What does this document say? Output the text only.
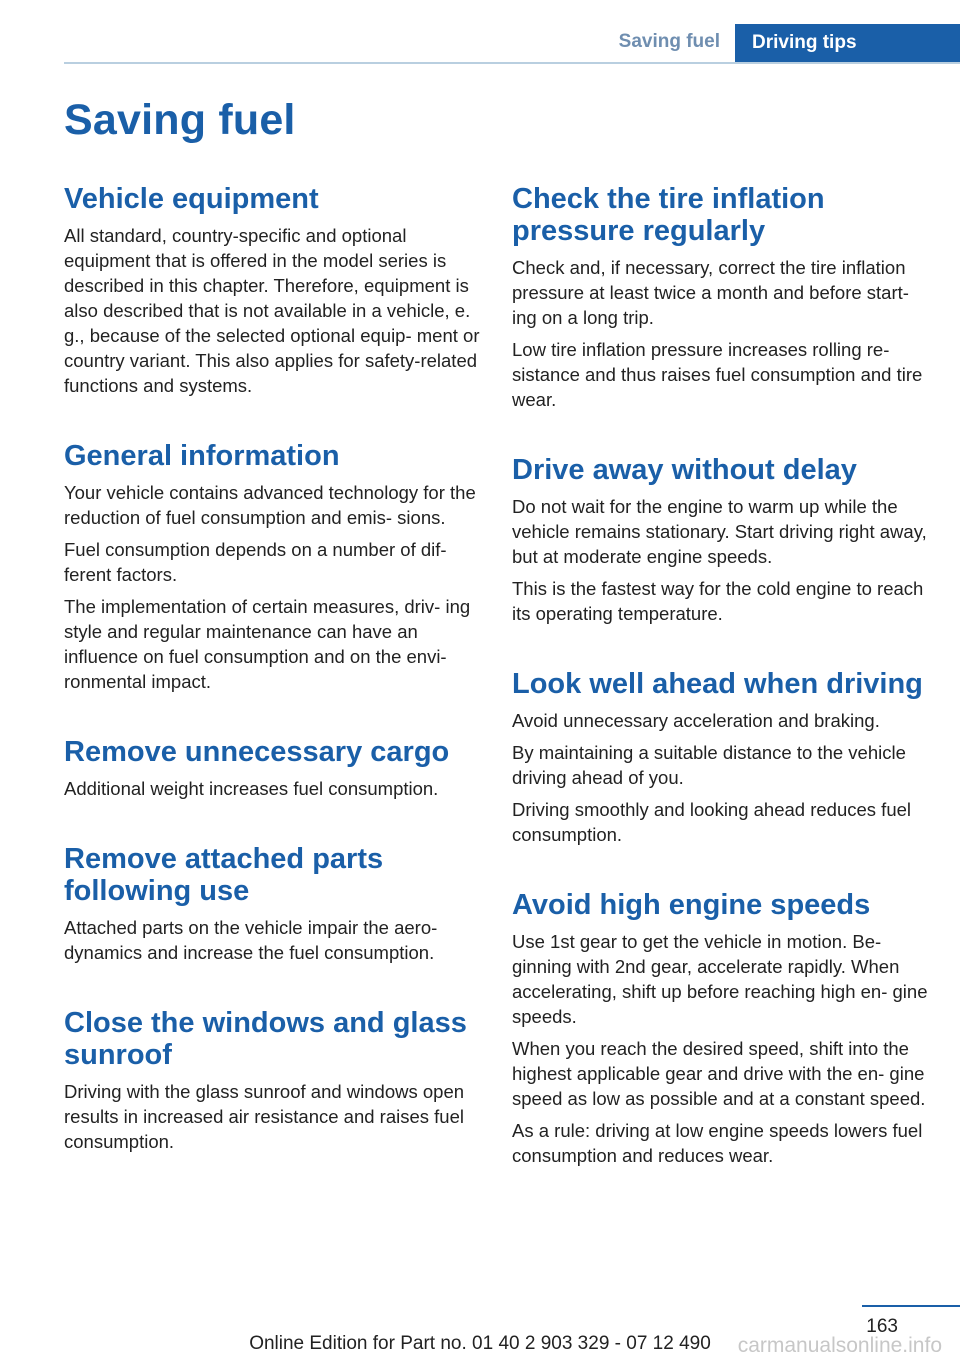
Saving fuel	Driving tips
Saving fuel
Vehicle equipment

All standard, country-specific and optional equipment that is offered in the model series is described in this chapter. Therefore, equipment is also described that is not available in a vehicle, e. g., because of the selected optional equip‐ ment or country variant. This also applies for safety-related functions and systems.

General information

Your vehicle contains advanced technology for the reduction of fuel consumption and emis‐ sions.

Fuel consumption depends on a number of dif‐ ferent factors.

The implementation of certain measures, driv‐ ing style and regular maintenance can have an influence on fuel consumption and on the envi‐ ronmental impact.

Remove unnecessary cargo

Additional weight increases fuel consumption.

Remove attached parts following use

Attached parts on the vehicle impair the aero‐ dynamics and increase the fuel consumption.

Close the windows and glass sunroof

Driving with the glass sunroof and windows open results in increased air resistance and raises fuel consumption.

Check the tire inflation pressure regularly

Check and, if necessary, correct the tire inflation pressure at least twice a month and before start‐ ing on a long trip.

Low tire inflation pressure increases rolling re‐ sistance and thus raises fuel consumption and tire wear.

Drive away without delay

Do not wait for the engine to warm up while the vehicle remains stationary. Start driving right away, but at moderate engine speeds.

This is the fastest way for the cold engine to reach its operating temperature.

Look well ahead when driving

Avoid unnecessary acceleration and braking.

By maintaining a suitable distance to the vehicle driving ahead of you.

Driving smoothly and looking ahead reduces fuel consumption.

Avoid high engine speeds

Use 1st gear to get the vehicle in motion. Be‐ ginning with 2nd gear, accelerate rapidly. When accelerating, shift up before reaching high en‐ gine speeds.

When you reach the desired speed, shift into the highest applicable gear and drive with the en‐ gine speed as low as possible and at a constant speed.

As a rule: driving at low engine speeds lowers fuel consumption and reduces wear.

163
Online Edition for Part no. 01 40 2 903 329 - 07 12 490	carmanualsonline.info
